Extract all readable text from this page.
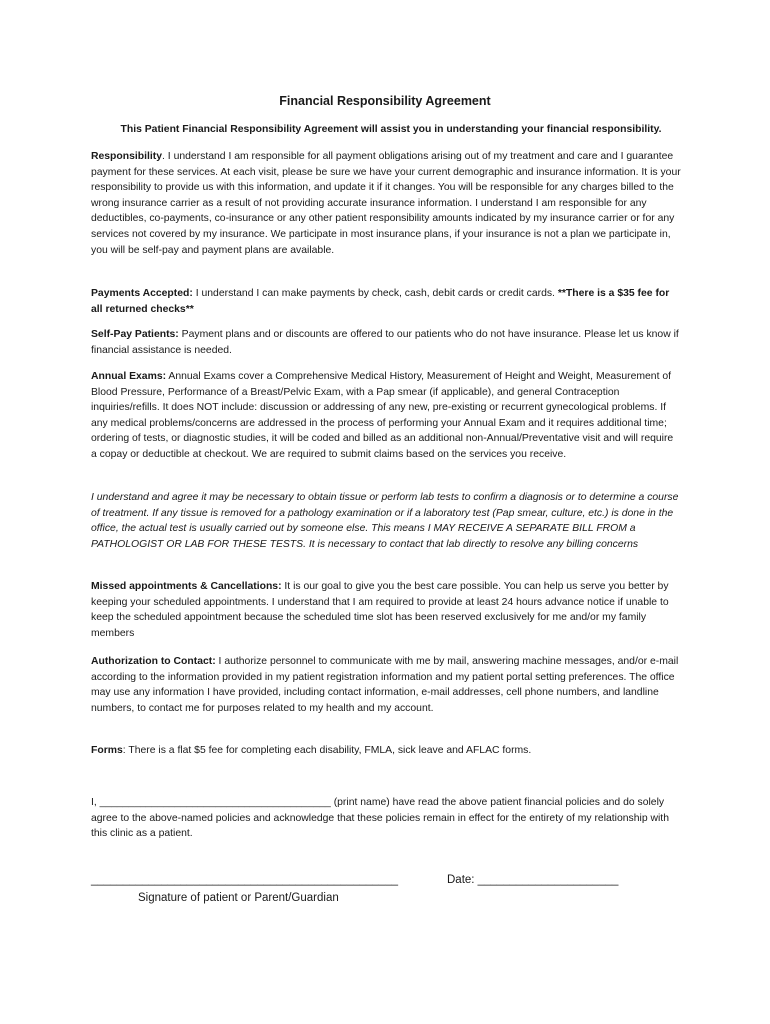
Financial Responsibility Agreement
This Patient Financial Responsibility Agreement will assist you in understanding your financial responsibility.

Responsibility. I understand I am responsible for all payment obligations arising out of my treatment and care and I guarantee payment for these services. At each visit, please be sure we have your current demographic and insurance information. It is your responsibility to provide us with this information, and update it if it changes. You will be responsible for any charges billed to the wrong insurance carrier as a result of not providing accurate insurance information. I understand I am responsible for any deductibles, co-payments, co-insurance or any other patient responsibility amounts indicated by my insurance carrier or for any services not covered by my insurance. We participate in most insurance plans, if your insurance is not a plan we participate in, you will be self-pay and payment plans are available.

Payments Accepted: I understand I can make payments by check, cash, debit cards or credit cards. **There is a $35 fee for all returned checks**

Self-Pay Patients: Payment plans and or discounts are offered to our patients who do not have insurance. Please let us know if financial assistance is needed.

Annual Exams: Annual Exams cover a Comprehensive Medical History, Measurement of Height and Weight, Measurement of Blood Pressure, Performance of a Breast/Pelvic Exam, with a Pap smear (if applicable), and general Contraception inquiries/refills. It does NOT include: discussion or addressing of any new, pre-existing or recurrent gynecological problems. If any medical problems/concerns are addressed in the process of performing your Annual Exam and it requires additional time; ordering of tests, or diagnostic studies, it will be coded and billed as an additional non-Annual/Preventative visit and will require a copay or deductible at checkout. We are required to submit claims based on the services you receive.

I understand and agree it may be necessary to obtain tissue or perform lab tests to confirm a diagnosis or to determine a course of treatment. If any tissue is removed for a pathology examination or if a laboratory test (Pap smear, culture, etc.) is done in the office, the actual test is usually carried out by someone else. This means I MAY RECEIVE A SEPARATE BILL FROM a PATHOLOGIST OR LAB FOR THESE TESTS. It is necessary to contact that lab directly to resolve any billing concerns

Missed appointments & Cancellations: It is our goal to give you the best care possible. You can help us serve you better by keeping your scheduled appointments. I understand that I am required to provide at least 24 hours advance notice if unable to keep the scheduled appointment because the scheduled time slot has been reserved exclusively for me and/or my family members

Authorization to Contact: I authorize personnel to communicate with me by mail, answering machine messages, and/or e-mail according to the information provided in my patient registration information and my patient portal setting preferences. The office may use any information I have provided, including contact information, e-mail addresses, cell phone numbers, and landline numbers, to contact me for purposes related to my health and my account.

Forms: There is a flat $5 fee for completing each disability, FMLA, sick leave and AFLAC forms.

I, ________________________________________ (print name) have read the above patient financial policies and do solely agree to the above-named policies and acknowledge that these policies remain in effect for the entirety of my relationship with this clinic as a patient.

________________________________________________	Date: ______________________
Signature of patient or Parent/Guardian
